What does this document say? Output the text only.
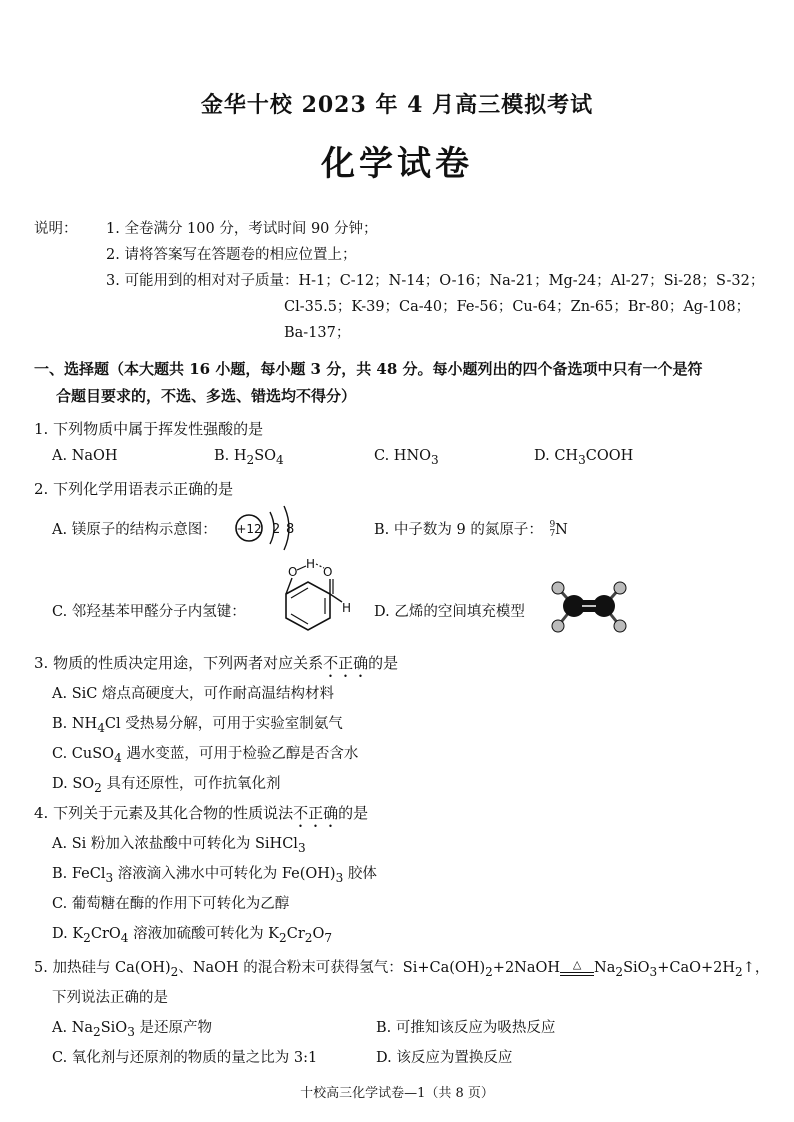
金华十校 2023 年 4 月高三模拟考试
化学试卷
说明：	1. 全卷满分 100 分，考试时间 90 分钟；
2. 请将答案写在答题卷的相应位置上；
3. 可能用到的相对对子质量：H-1；C-12；N-14；O-16；Na-21；Mg-24；Al-27；Si-28；S-32；
Cl-35.5；K-39；Ca-40；Fe-56；Cu-64；Zn-65；Br-80；Ag-108；
Ba-137；
一、选择题（本大题共 16 小题，每小题 3 分，共 48 分。每小题列出的四个备选项中只有一个是符
合题目要求的，不选、多选、错选均不得分）
1. 下列物质中属于挥发性强酸的是
A. NaOH	B. $H_2SO_4$	C. $HNO_3$	D. $CH_3COOH$
2. 下列化学用语表示正确的是
A. 镁原子的结构示意图： +12 2 8	B. 中子数为 9 的氮原子： 9
7 N
C. 邻羟基苯甲醛分子内氢键：
O
H
O
H D. 乙烯的空间填充模型
3. 物质的性质决定用途，下列两者对应关系不正确的是
A. SiC 熔点高硬度大，可作耐高温结构材料
B. $NH_4Cl$ 受热易分解，可用于实验室制氨气
C. CuSO$_4$ 遇水变蓝，可用于检验乙醇是否含水
D. $SO_2$ 具有还原性，可作抗氧化剂
4. 下列关于元素及其化合物的性质说法不正确的是
A. Si 粉加入浓盐酸中可转化为 SiHCl$_3$
B. FeCl$_3$ 溶液滴入沸水中可转化为 $Fe(OH)_3$ 胶体
C. 葡萄糖在酶的作用下可转化为乙醇
D. $K_2CrO_4$ 溶液加硫酸可转化为 $K_2Cr_2O_7$
5. 加热硅与 $Ca(OH)_2$、NaOH 的混合粉末可获得氢气：$Si+Ca(OH)_2+2NaOH$ △ $Na_2SiO_3+CaO+2H_2↑$，
下列说法正确的是
A. $Na_2SiO_3$ 是还原产物	B. 可推知该反应为吸热反应
C. 氧化剂与还原剂的物质的量之比为 3:1	D. 该反应为置换反应
十校高三化学试卷—1（共 8 页）
